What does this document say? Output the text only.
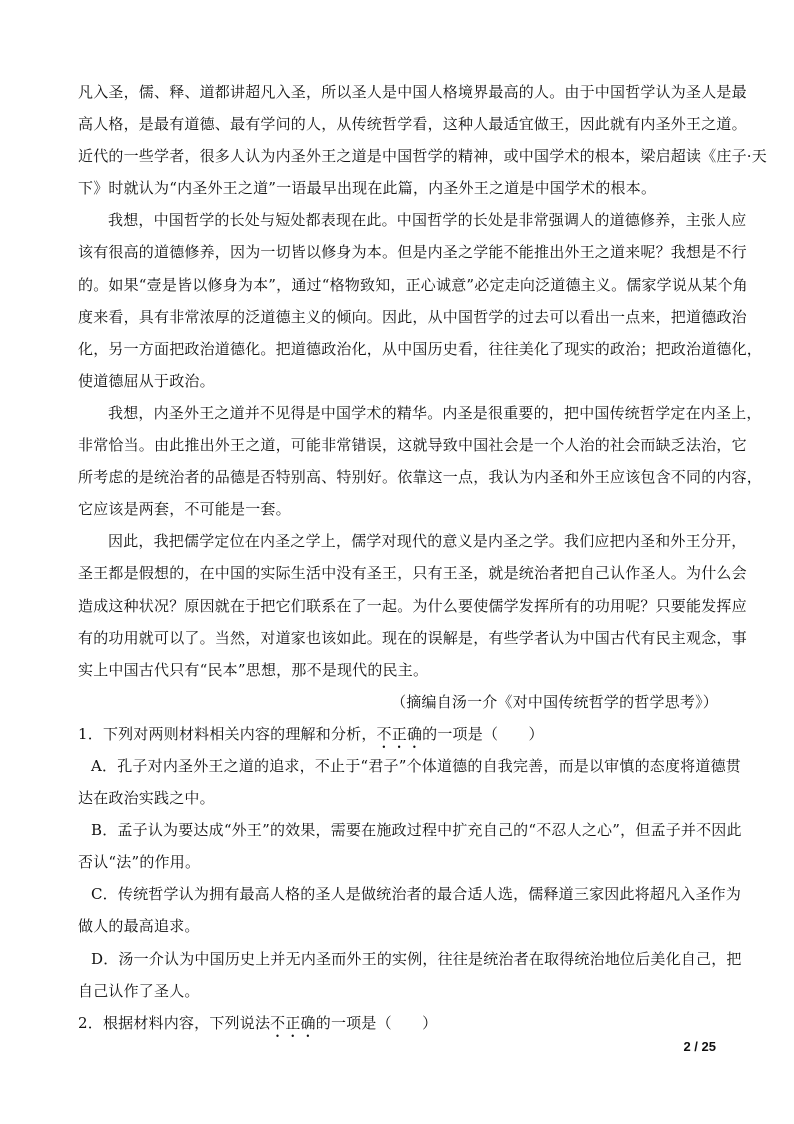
凡入圣，儒、释、道都讲超凡入圣，所以圣人是中国人格境界最高的人。由于中国哲学认为圣人是最
高人格，是最有道德、最有学问的人，从传统哲学看，这种人最适宜做王，因此就有内圣外王之道。
近代的一些学者，很多人认为内圣外王之道是中国哲学的精神，或中国学术的根本，梁启超读《庄子·天
下》时就认为“内圣外王之道”一语最早出现在此篇，内圣外王之道是中国学术的根本。
我想，中国哲学的长处与短处都表现在此。中国哲学的长处是非常强调人的道德修养，主张人应
该有很高的道德修养，因为一切皆以修身为本。但是内圣之学能不能推出外王之道来呢？我想是不行
的。如果“壹是皆以修身为本”，通过“格物致知，正心诚意”必定走向泛道德主义。儒家学说从某个角
度来看，具有非常浓厚的泛道德主义的倾向。因此，从中国哲学的过去可以看出一点来，把道德政治
化，另一方面把政治道德化。把道德政治化，从中国历史看，往往美化了现实的政治；把政治道德化，
使道德屈从于政治。
我想，内圣外王之道并不见得是中国学术的精华。内圣是很重要的，把中国传统哲学定在内圣上，
非常恰当。由此推出外王之道，可能非常错误，这就导致中国社会是一个人治的社会而缺乏法治，它
所考虑的是统治者的品德是否特别高、特别好。依靠这一点，我认为内圣和外王应该包含不同的内容，
它应该是两套，不可能是一套。
因此，我把儒学定位在内圣之学上，儒学对现代的意义是内圣之学。我们应把内圣和外王分开，
圣王都是假想的，在中国的实际生活中没有圣王，只有王圣，就是统治者把自己认作圣人。为什么会
造成这种状况？原因就在于把它们联系在了一起。为什么要使儒学发挥所有的功用呢？只要能发挥应
有的功用就可以了。当然，对道家也该如此。现在的误解是，有些学者认为中国古代有民主观念，事
实上中国古代只有“民本”思想，那不是现代的民主。
（摘编自汤一介《对中国传统哲学的哲学思考》）
1．下列对两则材料相关内容的理解和分析，不正确的一项是（　　）
A．孔子对内圣外王之道的追求，不止于“君子”个体道德的自我完善，而是以审慎的态度将道德贯
达在政治实践之中。
B．孟子认为要达成“外王”的效果，需要在施政过程中扩充自己的“不忍人之心”，但孟子并不因此
否认“法”的作用。
C．传统哲学认为拥有最高人格的圣人是做统治者的最合适人选，儒释道三家因此将超凡入圣作为
做人的最高追求。
D．汤一介认为中国历史上并无内圣而外王的实例，往往是统治者在取得统治地位后美化自己，把
自己认作了圣人。
2．根据材料内容，下列说法不正确的一项是（　　）
2 / 25
